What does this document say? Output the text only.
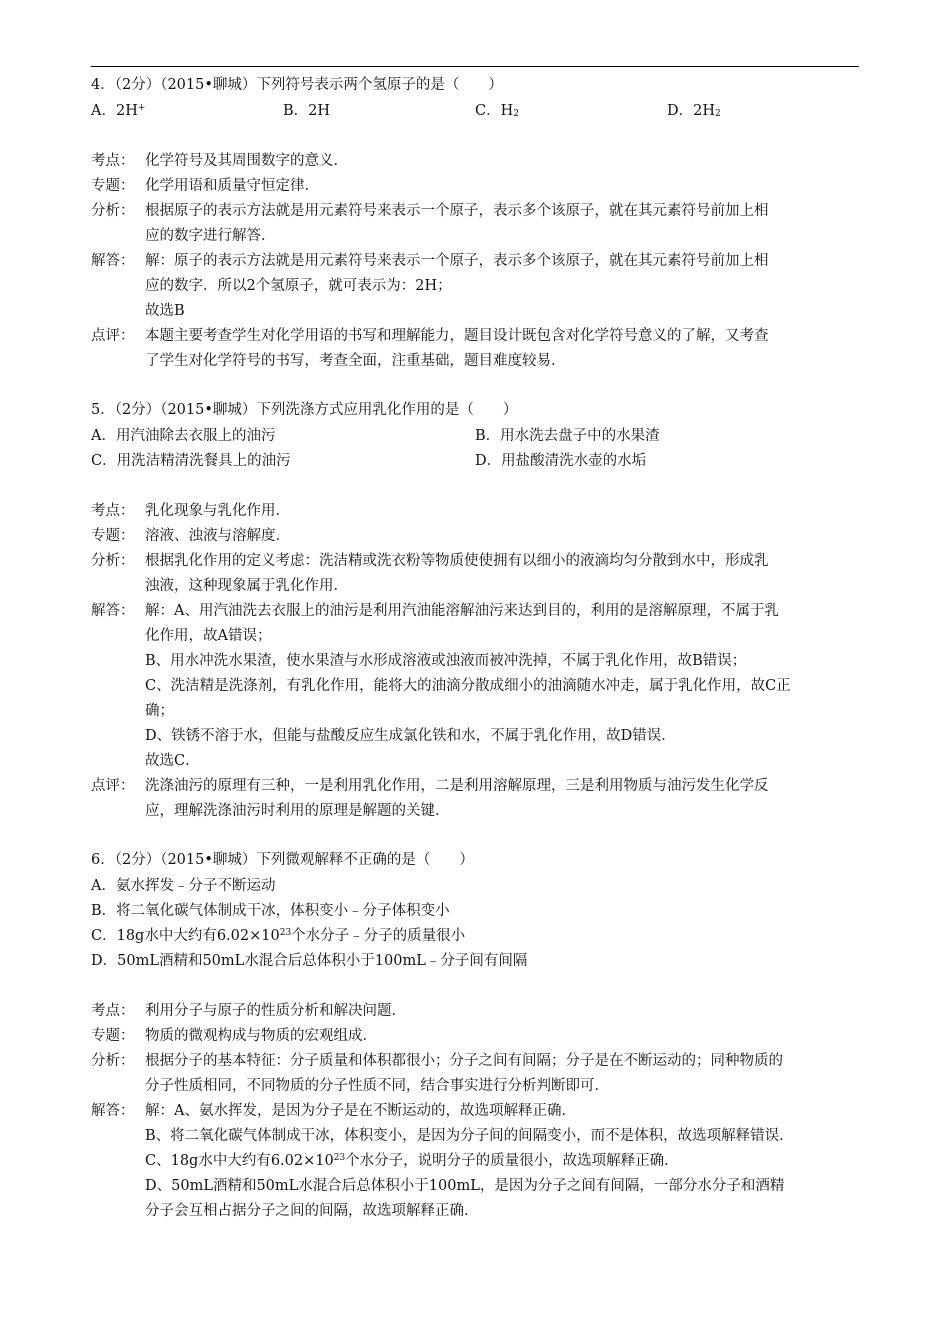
4．（2分）（2015•聊城）下列符号表示两个氢原子的是（　　）
A．2H+	B．2H	C．$H_2$	D．$2H_2$
考点： 化学符号及其周围数字的意义．
专题： 化学用语和质量守恒定律．
分析： 根据原子的表示方法就是用元素符号来表示一个原子，表示多个该原子，就在其元素符号前加上相
应的数字进行解答．
解答： 解：原子的表示方法就是用元素符号来表示一个原子，表示多个该原子，就在其元素符号前加上相
应的数字．所以2个氢原子，就可表示为：2H；
故选B
点评： 本题主要考查学生对化学用语的书写和理解能力，题目设计既包含对化学符号意义的了解，又考查
了学生对化学符号的书写，考查全面，注重基础，题目难度较易．
5．（2分）（2015•聊城）下列洗涤方式应用乳化作用的是（　　）
A．用汽油除去衣服上的油污	B．用水洗去盘子中的水果渣
C．用洗洁精清洗餐具上的油污	D．用盐酸清洗水壶的水垢
考点： 乳化现象与乳化作用．
专题： 溶液、浊液与溶解度．
分析： 根据乳化作用的定义考虑：洗洁精或洗衣粉等物质使使拥有以细小的液滴均匀分散到水中，形成乳
浊液，这种现象属于乳化作用．
解答： 解：A、用汽油洗去衣服上的油污是利用汽油能溶解油污来达到目的，利用的是溶解原理，不属于乳
化作用，故A错误；
B、用水冲洗水果渣，使水果渣与水形成溶液或浊液而被冲洗掉，不属于乳化作用，故B错误；
C、洗洁精是洗涤剂，有乳化作用，能将大的油滴分散成细小的油滴随水冲走，属于乳化作用，故C正
确；
D、铁锈不溶于水，但能与盐酸反应生成氯化铁和水，不属于乳化作用，故D错误．
故选C．
点评： 洗涤油污的原理有三种，一是利用乳化作用，二是利用溶解原理，三是利用物质与油污发生化学反
应，理解洗涤油污时利用的原理是解题的关键．
6．（2分）（2015•聊城）下列微观解释不正确的是（　　）
A．氨水挥发﹣分子不断运动
B．将二氧化碳气体制成干冰，体积变小﹣分子体积变小
C．18g水中大约有$6.02\times 10^{23}$个水分子﹣分子的质量很小
D．50mL酒精和50mL水混合后总体积小于100mL﹣分子间有间隔
考点： 利用分子与原子的性质分析和解决问题．
专题： 物质的微观构成与物质的宏观组成．
分析： 根据分子的基本特征：分子质量和体积都很小；分子之间有间隔；分子是在不断运动的；同种物质的
分子性质相同，不同物质的分子性质不同，结合事实进行分析判断即可．
解答： 解：A、氨水挥发，是因为分子是在不断运动的，故选项解释正确．
B、将二氧化碳气体制成干冰，体积变小，是因为分子间的间隔变小，而不是体积，故选项解释错误．
C、18g水中大约有$6.02\times 10^{23}$个水分子，说明分子的质量很小，故选项解释正确．
D、50mL酒精和50mL水混合后总体积小于100mL，是因为分子之间有间隔，一部分水分子和酒精
分子会互相占据分子之间的间隔，故选项解释正确．
